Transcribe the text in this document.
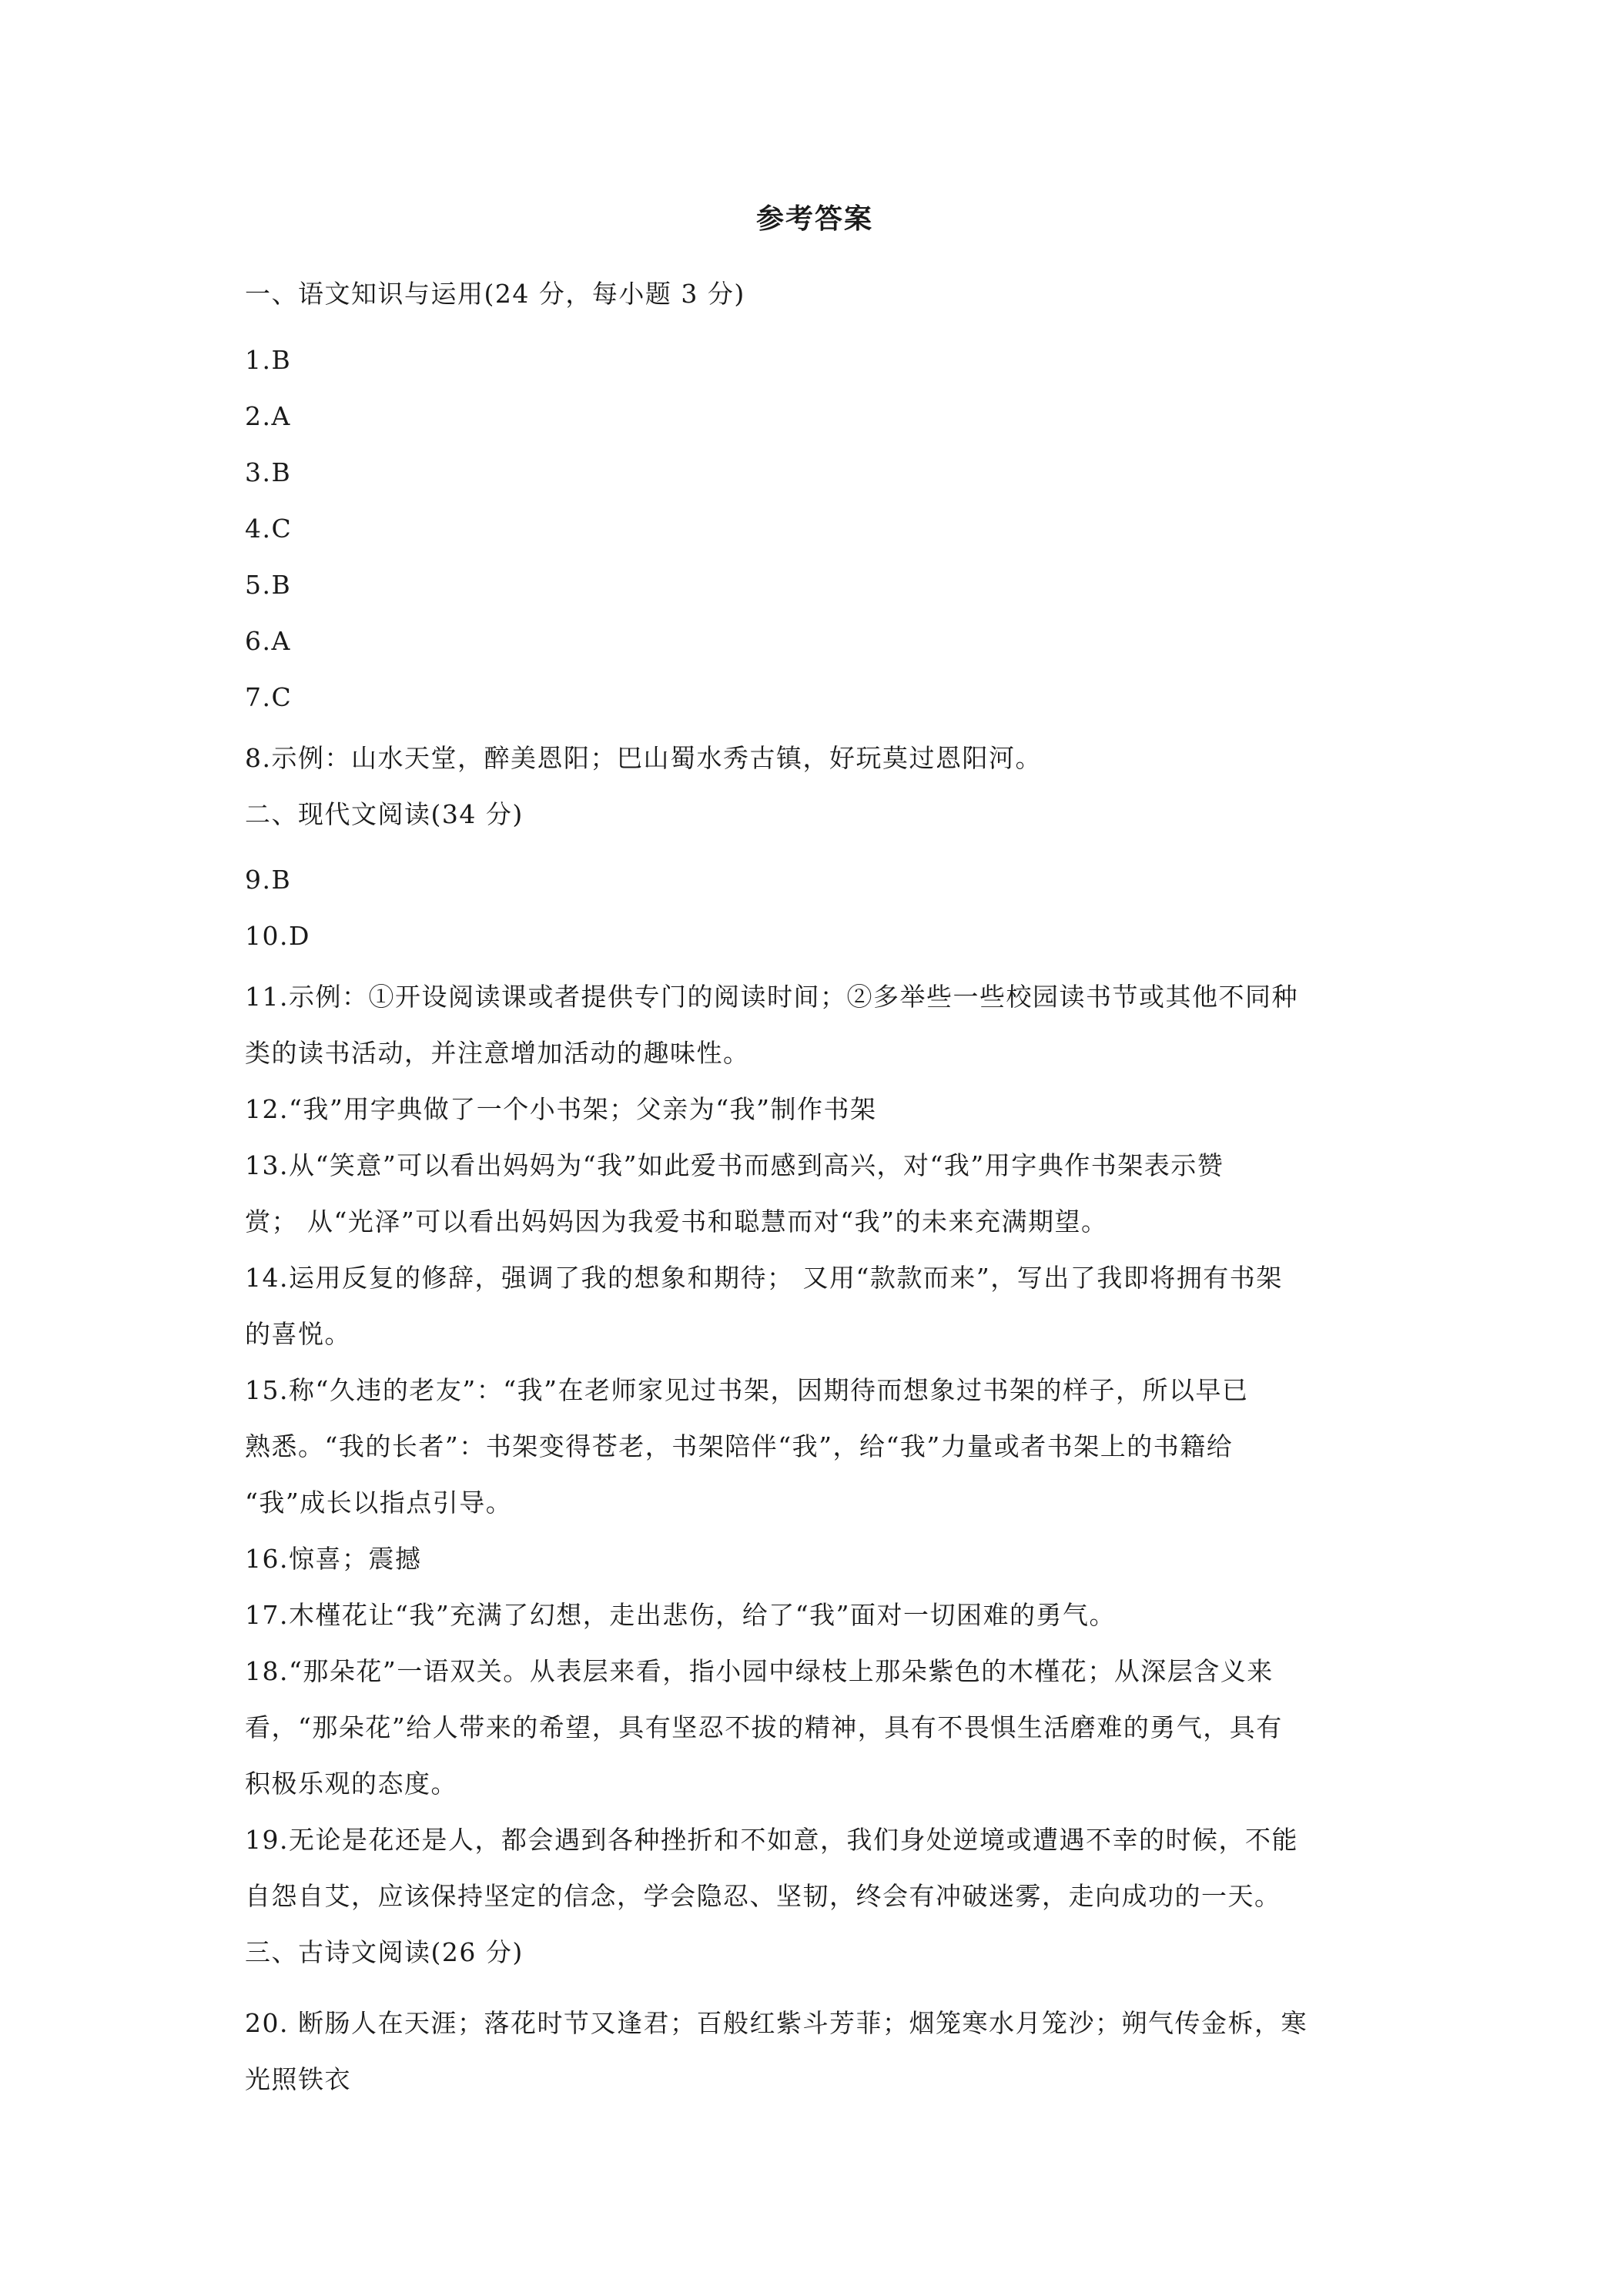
参考答案
一、语文知识与运用(24 分，每小题 3 分)
1.B
2.A
3.B
4.C
5.B
6.A
7.C
8.示例：山水天堂，醉美恩阳；巴山蜀水秀古镇，好玩莫过恩阳河。
二、现代文阅读(34 分)
9.B
10.D
11.示例：①开设阅读课或者提供专门的阅读时间；②多举些一些校园读书节或其他不同种
类的读书活动，并注意增加活动的趣味性。
12.“我”用字典做了一个小书架；父亲为“我”制作书架
13.从“笑意”可以看出妈妈为“我”如此爱书而感到高兴，对“我”用字典作书架表示赞
赏； 从“光泽”可以看出妈妈因为我爱书和聪慧而对“我”的未来充满期望。
14.运用反复的修辞，强调了我的想象和期待； 又用“款款而来”，写出了我即将拥有书架
的喜悦。
15.称“久违的老友”：“我”在老师家见过书架，因期待而想象过书架的样子，所以早已
熟悉。“我的长者”：书架变得苍老，书架陪伴“我”，给“我”力量或者书架上的书籍给
“我”成长以指点引导。
16.惊喜；震撼
17.木槿花让“我”充满了幻想，走出悲伤，给了“我”面对一切困难的勇气。
18.“那朵花”一语双关。从表层来看，指小园中绿枝上那朵紫色的木槿花；从深层含义来
看，“那朵花”给人带来的希望，具有坚忍不拔的精神，具有不畏惧生活磨难的勇气，具有
积极乐观的态度。
19.无论是花还是人，都会遇到各种挫折和不如意，我们身处逆境或遭遇不幸的时候，不能
自怨自艾，应该保持坚定的信念，学会隐忍、坚韧，终会有冲破迷雾，走向成功的一天。
三、古诗文阅读(26 分)
20. 断肠人在天涯；落花时节又逢君；百般红紫斗芳菲；烟笼寒水月笼沙；朔气传金柝，寒
光照铁衣
